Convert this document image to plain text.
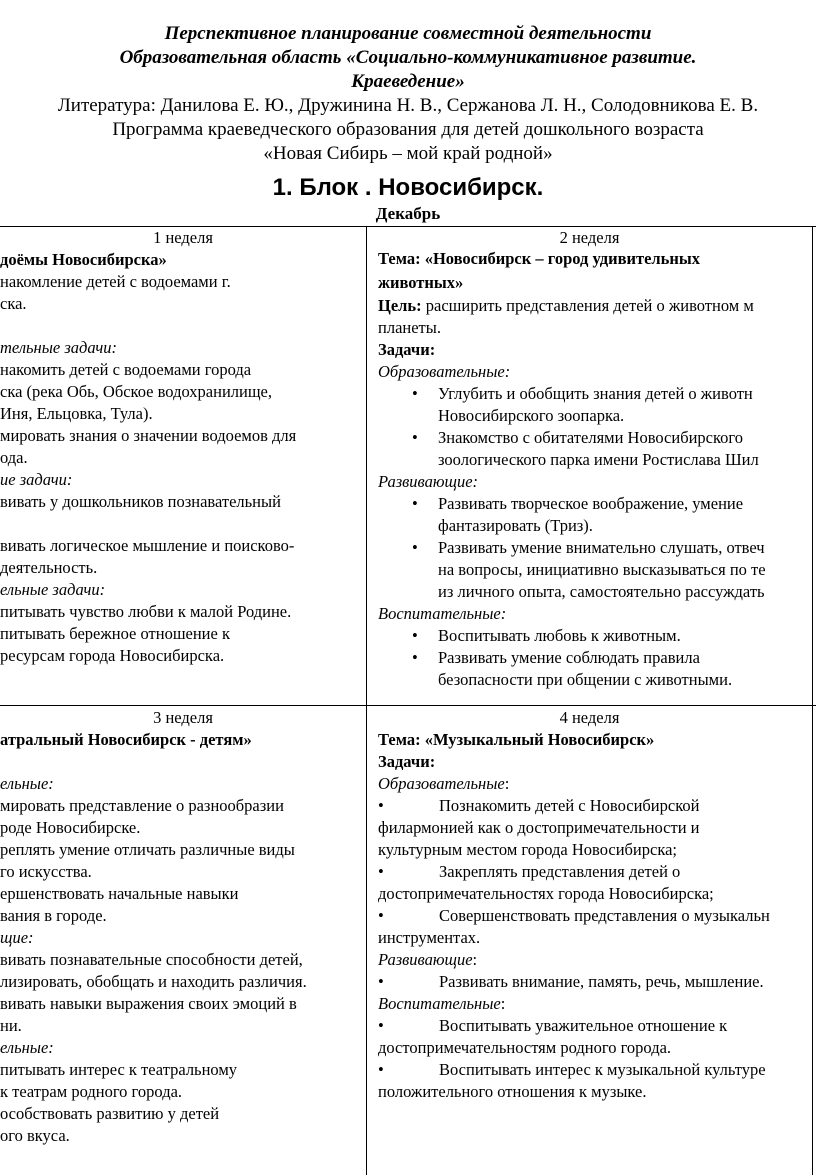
Перспективное планирование совместной деятельности
Образовательная область «Социально-коммуникативное развитие.
Краеведение»
Литература: Данилова Е. Ю., Дружинина Н. В., Сержанова Л. Н., Солодовникова Е. В.
Программа краеведческого образования для детей дошкольного возраста
«Новая Сибирь – мой край родной»
1. Блок . Новосибирск.
Декабрь
1 неделя
доёмы Новосибирска»
накомление детей с водоемами г.
ска.
тельные задачи:
накомить детей с водоемами города
ска (река Обь, Обское водохранилище,
Иня, Ельцовка, Тула).
мировать знания о значении водоемов для
ода.
ие задачи:
вивать у дошкольников познавательный
вивать логическое мышление и поисково-
деятельность.
ельные задачи:
питывать чувство любви к малой Родине.
питывать бережное отношение к
ресурсам города Новосибирска.
2 неделя
Тема: «Новосибирск – город удивительных
животных»
Цель: расширить представления детей о животном м
планеты.
Задачи:
Образовательные:
• Углубить и обобщить знания детей о животн
Новосибирского зоопарка.
• Знакомство с обитателями Новосибирского
зоологического парка имени Ростислава Шил
Развивающие:
• Развивать творческое воображение, умение
фантазировать (Триз).
• Развивать умение внимательно слушать, отвеч
на вопросы, инициативно высказываться по те
из личного опыта, самостоятельно рассуждать
Воспитательные:
• Воспитывать любовь к животным.
• Развивать умение соблюдать правила
безопасности при общении с животными.
3 неделя
атральный Новосибирск - детям»
ельные:
мировать представление о разнообразии
роде Новосибирске.
реплять умение отличать различные виды
го искусства.
ершенствовать начальные навыки
вания в городе.
щие:
вивать познавательные способности детей,
лизировать, обобщать и находить различия.
вивать навыки выражения своих эмоций в
ни.
ельные:
питывать интерес к театральному
к театрам родного города.
особствовать развитию у детей
ого вкуса.
4 неделя
Тема: «Музыкальный Новосибирск»
Задачи:
Образовательные:
•	Познакомить детей с Новосибирской
филармонией как о достопримечательности и
культурным местом города Новосибирска;
•	Закреплять представления детей о
достопримечательностях города Новосибирска;
•	Совершенствовать представления о музыкальн
инструментах.
Развивающие:
•	Развивать внимание, память, речь, мышление.
Воспитательные:
•	Воспитывать уважительное отношение к
достопримечательностям родного города.
•	Воспитывать интерес к музыкальной культуре
положительного отношения к музыке.
